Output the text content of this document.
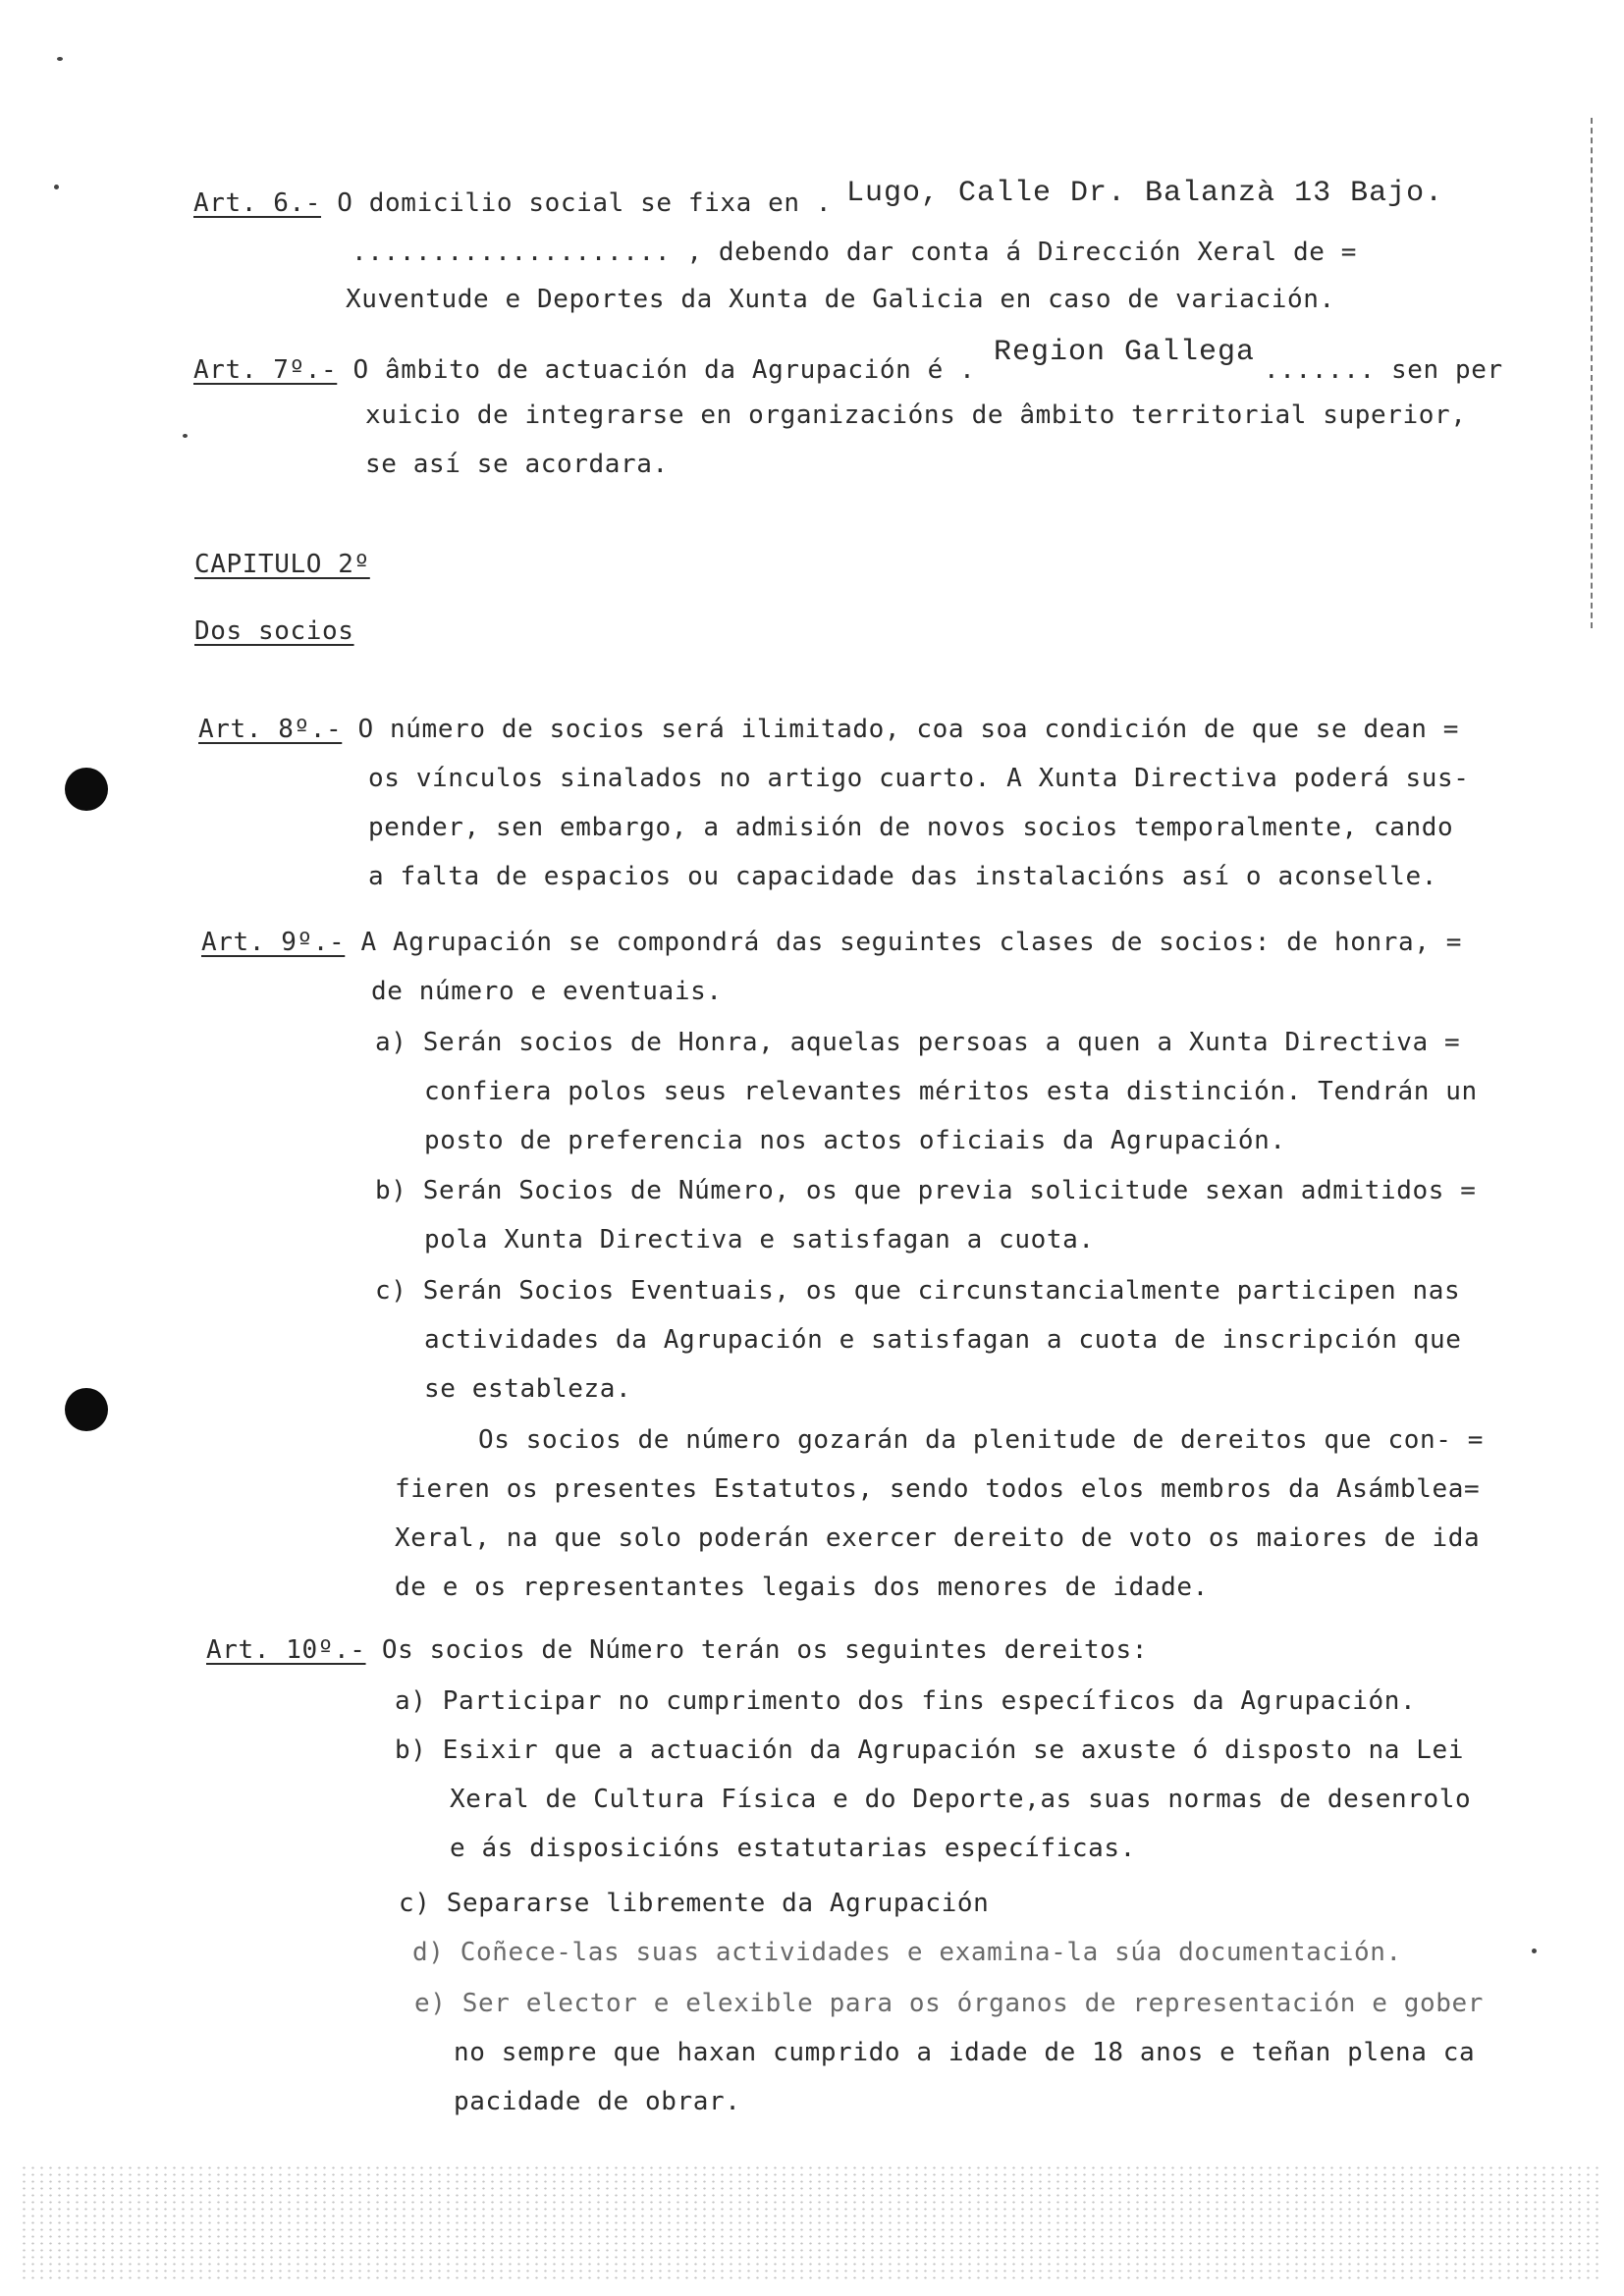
Art. 6.- O domicilio social se fixa en . Lugo, Calle Dr. Balanzà 13 Bajo.
.................... , debendo dar conta á Dirección Xeral de =
Xuventude e Deportes da Xunta de Galicia en caso de variación.
Art. 7º.- O âmbito de actuación da Agrupación é .
Region Gallega
....... sen per
xuicio de integrarse en organizacións de âmbito territorial superior,
se así se acordara.
CAPITULO 2º
Dos socios
Art. 8º.- O número de socios será ilimitado, coa soa condición de que se dean =
os vínculos sinalados no artigo cuarto. A Xunta Directiva poderá sus-
pender, sen embargo, a admisión de novos socios temporalmente, cando
a falta de espacios ou capacidade das instalacións así o aconselle.
Art. 9º.- A Agrupación se compondrá das seguintes clases de socios: de honra, =
de número e eventuais.
a) Serán socios de Honra, aquelas persoas a quen a Xunta Directiva =
confiera polos seus relevantes méritos esta distinción. Tendrán un
posto de preferencia nos actos oficiais da Agrupación.
b) Serán Socios de Número, os que previa solicitude sexan admitidos =
pola Xunta Directiva e satisfagan a cuota.
c) Serán Socios Eventuais, os que circunstancialmente participen nas
actividades da Agrupación e satisfagan a cuota de inscripción que
se estableza.
Os socios de número gozarán da plenitude de dereitos que con- =
fieren os presentes Estatutos, sendo todos elos membros da Asámblea=
Xeral, na que solo poderán exercer dereito de voto os maiores de ida
de e os representantes legais dos menores de idade.
Art. 10º.- Os socios de Número terán os seguintes dereitos:
a) Participar no cumprimento dos fins específicos da Agrupación.
b) Esixir que a actuación da Agrupación se axuste ó disposto na Lei
Xeral de Cultura Física e do Deporte,as suas normas de desenrolo
e ás disposicións estatutarias específicas.
c) Separarse libremente da Agrupación
d) Coñece-las suas actividades e examina-la súa documentación.
e) Ser elector e elexible para os órganos de representación e gober
no sempre que haxan cumprido a idade de 18 anos e teñan plena ca
pacidade de obrar.
